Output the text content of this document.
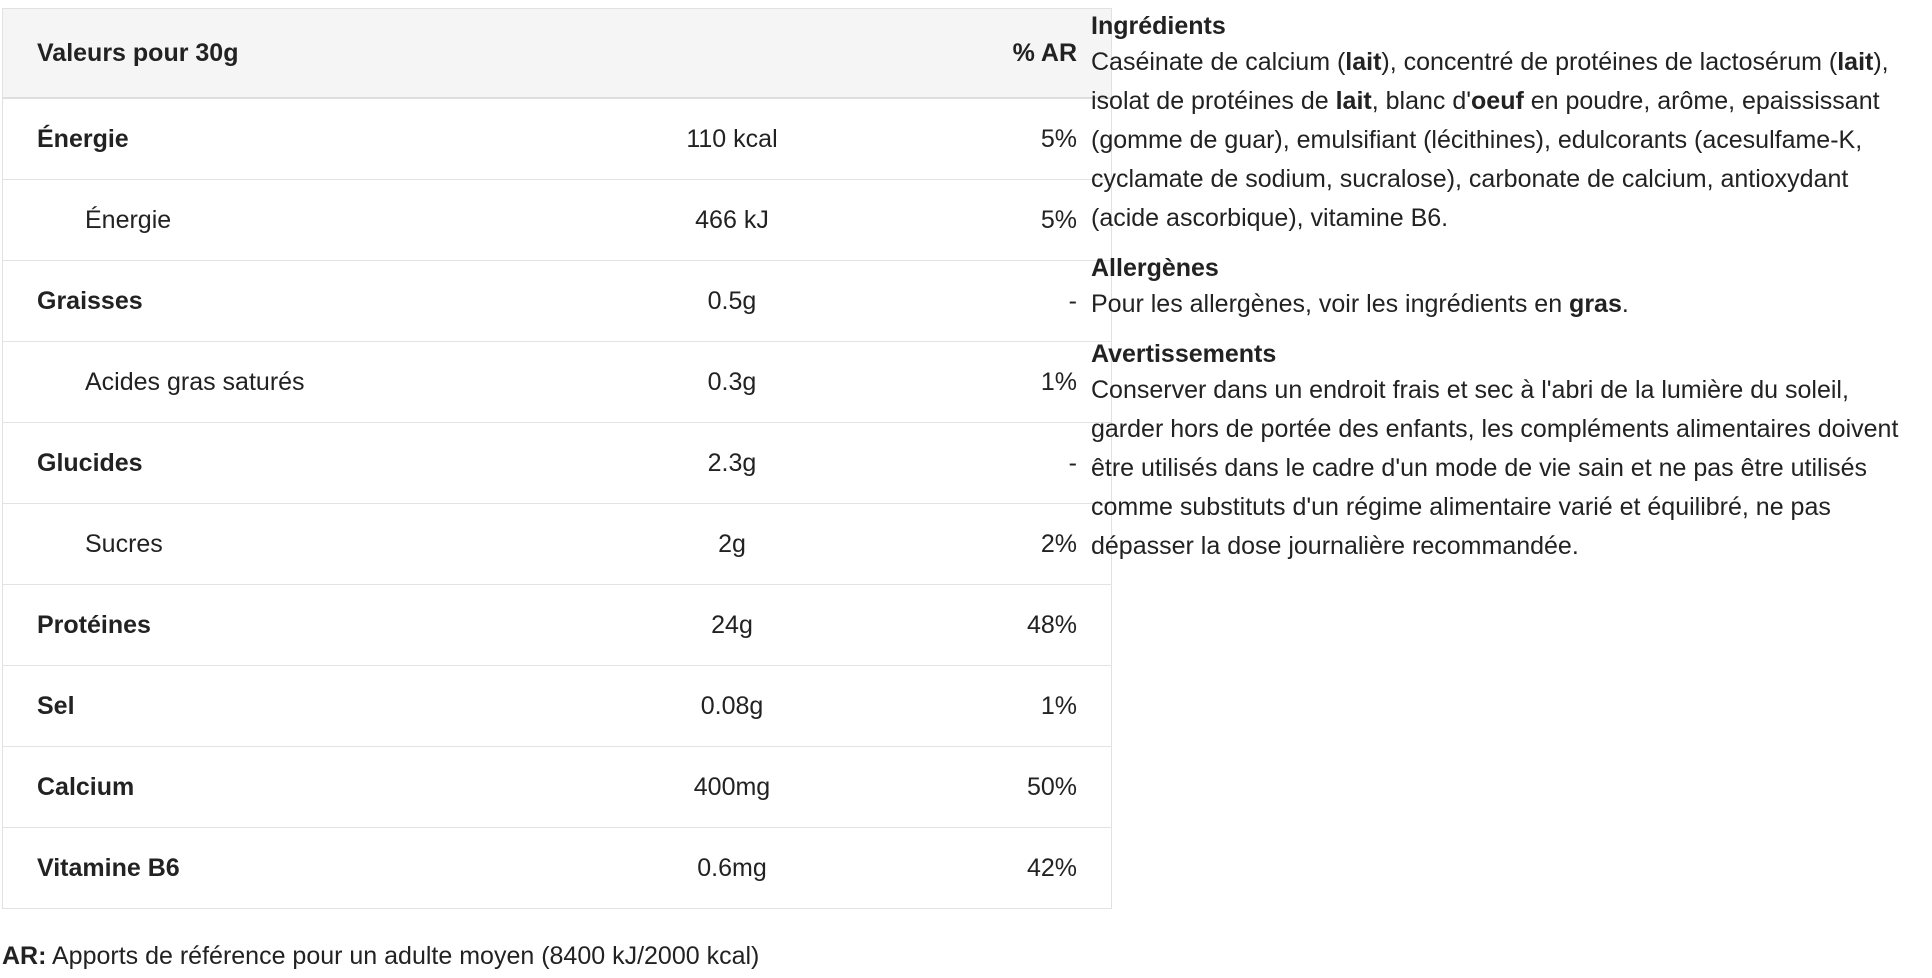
Valeurs pour 30g		% AR
Énergie	110 kcal	5%
Énergie	466 kJ	5%
Graisses	0.5g	-
Acides gras saturés	0.3g	1%
Glucides	2.3g	-
Sucres	2g	2%
Protéines	24g	48%
Sel	0.08g	1%
Calcium	400mg	50%
Vitamine B6	0.6mg	42%
AR: Apports de référence pour un adulte moyen (8400 kJ/2000 kcal)
Ingrédients

Caséinate de calcium (lait), concentré de protéines de lactosérum (lait), isolat de protéines de lait, blanc d'oeuf en poudre, arôme, epaississant (gomme de guar), emulsifiant (lécithines), edulcorants (acesulfame-K, cyclamate de sodium, sucralose), carbonate de calcium, antioxydant (acide ascorbique), vitamine B6.

Allergènes

Pour les allergènes, voir les ingrédients en gras.

Avertissements

Conserver dans un endroit frais et sec à l'abri de la lumière du soleil, garder hors de portée des enfants, les compléments alimentaires doivent être utilisés dans le cadre d'un mode de vie sain et ne pas être utilisés comme substituts d'un régime alimentaire varié et équilibré, ne pas dépasser la dose journalière recommandée.
